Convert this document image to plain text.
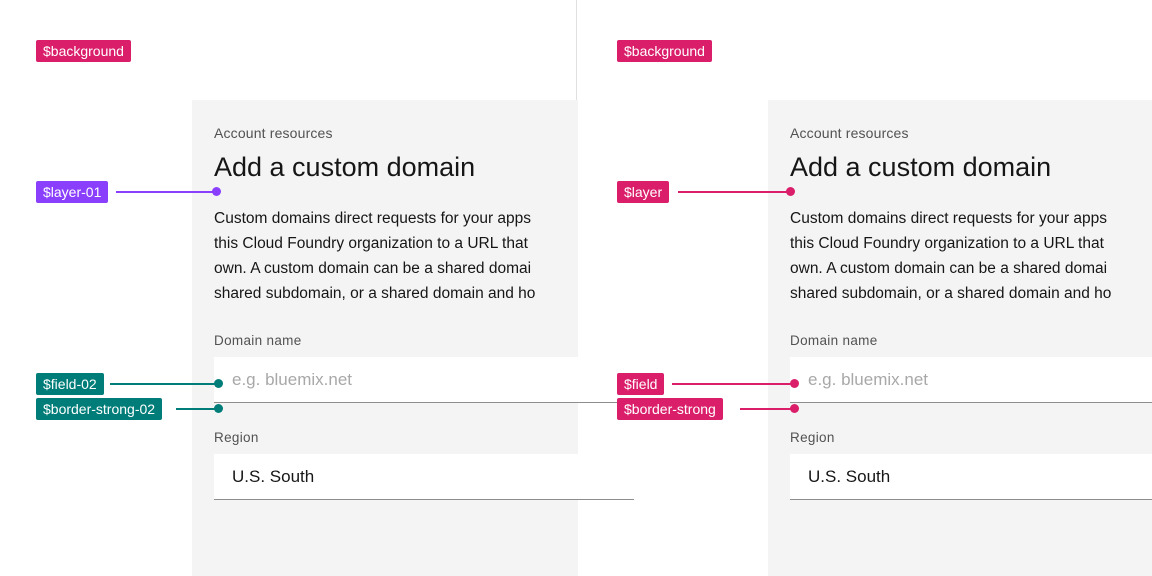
Account resources
Add a custom domain

Custom domains direct requests for your apps

this Cloud Foundry organization to a URL that

own. A custom domain can be a shared domai

shared subdomain, or a shared domain and ho

Domain name
e.g. bluemix.net
Region
U.S. South
Account resources
Add a custom domain

Custom domains direct requests for your apps

this Cloud Foundry organization to a URL that

own. A custom domain can be a shared domai

shared subdomain, or a shared domain and ho

Domain name
e.g. bluemix.net
Region
U.S. South
$background
$layer-01
$field-02
$border-strong-02
$background
$layer
$field
$border-strong
